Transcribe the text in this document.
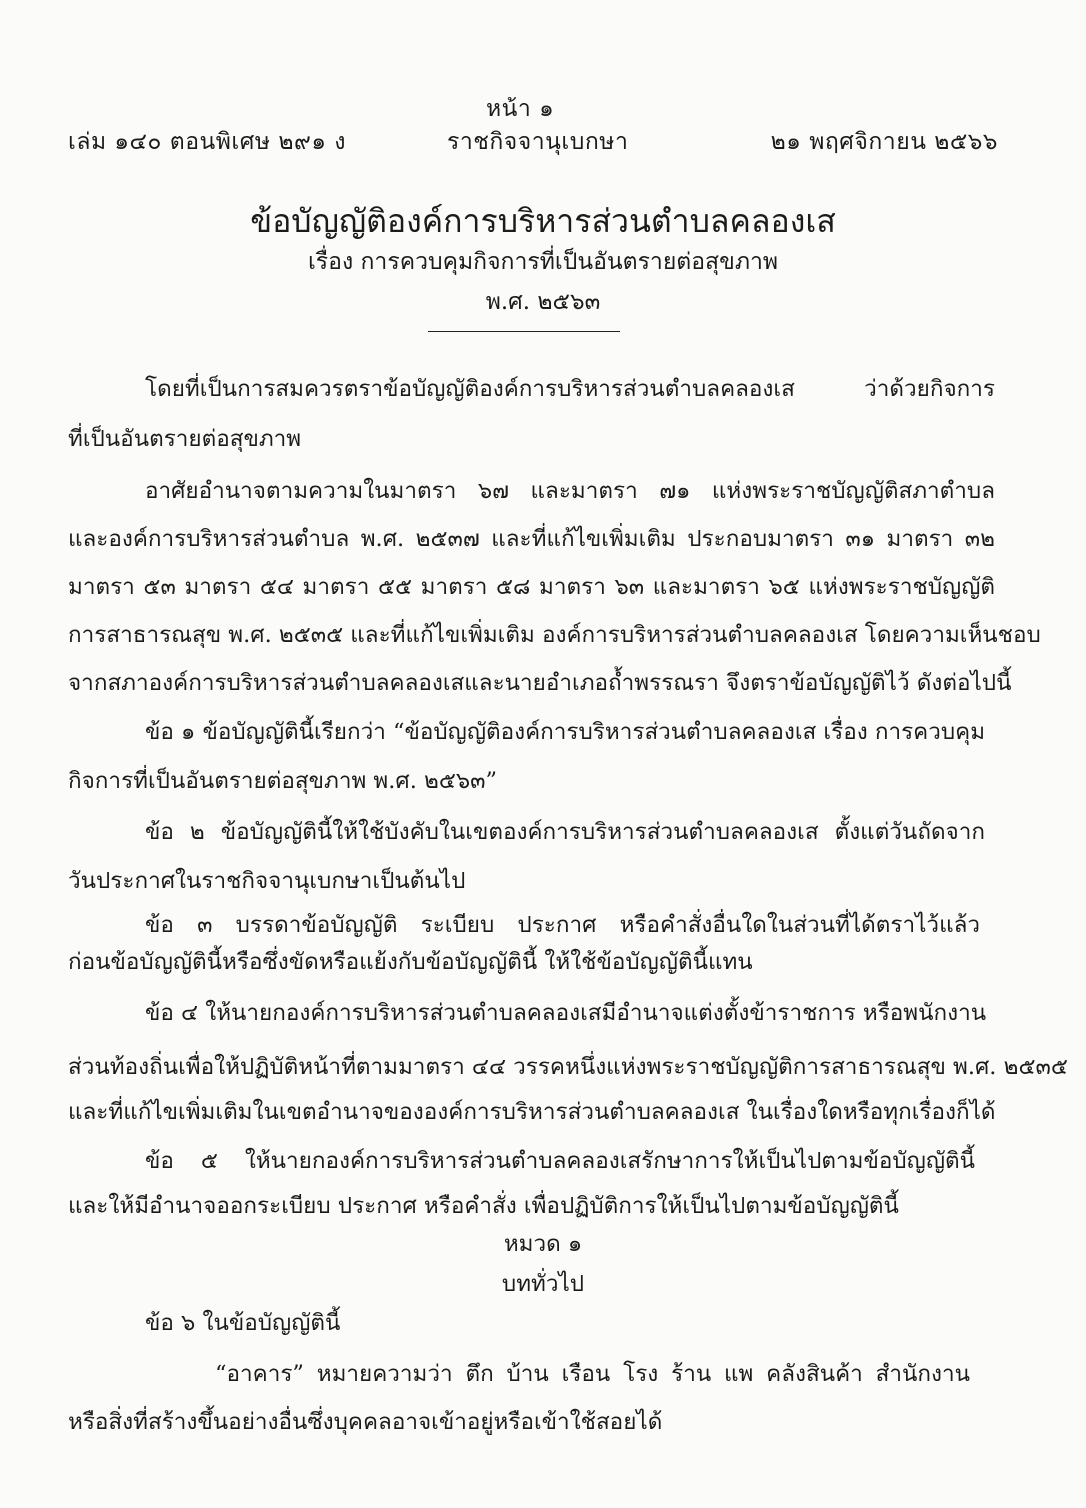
หน้า ๑
เล่ม ๑๔๐ ตอนพิเศษ ๒๙๑ ง	ราชกิจจานุเบกษา	๒๑ พฤศจิกายน ๒๕๖๖
ข้อบัญญัติองค์การบริหารส่วนตำบลคลองเส
เรื่อง การควบคุมกิจการที่เป็นอันตรายต่อสุขภาพ
พ.ศ. ๒๕๖๓
โดยที่เป็นการสมควรตราข้อบัญญัติองค์การบริหารส่วนตำบลคลองเส ว่าด้วยกิจการ
ที่เป็นอันตรายต่อสุขภาพ
อาศัยอำนาจตามความในมาตรา ๖๗ และมาตรา ๗๑ แห่งพระราชบัญญัติสภาตำบล
และองค์การบริหารส่วนตำบล พ.ศ. ๒๕๓๗ และที่แก้ไขเพิ่มเติม ประกอบมาตรา ๓๑ มาตรา ๓๒
มาตรา ๕๓ มาตรา ๕๔ มาตรา ๕๕ มาตรา ๕๘ มาตรา ๖๓ และมาตรา ๖๕ แห่งพระราชบัญญัติ
การสาธารณสุข พ.ศ. ๒๕๓๕ และที่แก้ไขเพิ่มเติม องค์การบริหารส่วนตำบลคลองเส โดยความเห็นชอบ
จากสภาองค์การบริหารส่วนตำบลคลองเสและนายอำเภอถ้ำพรรณรา จึงตราข้อบัญญัติไว้ ดังต่อไปนี้
ข้อ ๑ ข้อบัญญัตินี้เรียกว่า “ข้อบัญญัติองค์การบริหารส่วนตำบลคลองเส เรื่อง การควบคุม
กิจการที่เป็นอันตรายต่อสุขภาพ พ.ศ. ๒๕๖๓”
ข้อ ๒ ข้อบัญญัตินี้ให้ใช้บังคับในเขตองค์การบริหารส่วนตำบลคลองเส ตั้งแต่วันถัดจาก
วันประกาศในราชกิจจานุเบกษาเป็นต้นไป
ข้อ ๓ บรรดาข้อบัญญัติ ระเบียบ ประกาศ หรือคำสั่งอื่นใดในส่วนที่ได้ตราไว้แล้ว
ก่อนข้อบัญญัตินี้หรือซึ่งขัดหรือแย้งกับข้อบัญญัตินี้ ให้ใช้ข้อบัญญัตินี้แทน
ข้อ ๔ ให้นายกองค์การบริหารส่วนตำบลคลองเสมีอำนาจแต่งตั้งข้าราชการ หรือพนักงาน
ส่วนท้องถิ่นเพื่อให้ปฏิบัติหน้าที่ตามมาตรา ๔๔ วรรคหนึ่งแห่งพระราชบัญญัติการสาธารณสุข พ.ศ. ๒๕๓๕
และที่แก้ไขเพิ่มเติมในเขตอำนาจขององค์การบริหารส่วนตำบลคลองเส ในเรื่องใดหรือทุกเรื่องก็ได้
ข้อ ๕ ให้นายกองค์การบริหารส่วนตำบลคลองเสรักษาการให้เป็นไปตามข้อบัญญัตินี้
และให้มีอำนาจออกระเบียบ ประกาศ หรือคำสั่ง เพื่อปฏิบัติการให้เป็นไปตามข้อบัญญัตินี้
หมวด ๑
บททั่วไป
ข้อ ๖ ในข้อบัญญัตินี้
“อาคาร” หมายความว่า ตึก บ้าน เรือน โรง ร้าน แพ คลังสินค้า สำนักงาน
หรือสิ่งที่สร้างขึ้นอย่างอื่นซึ่งบุคคลอาจเข้าอยู่หรือเข้าใช้สอยได้
